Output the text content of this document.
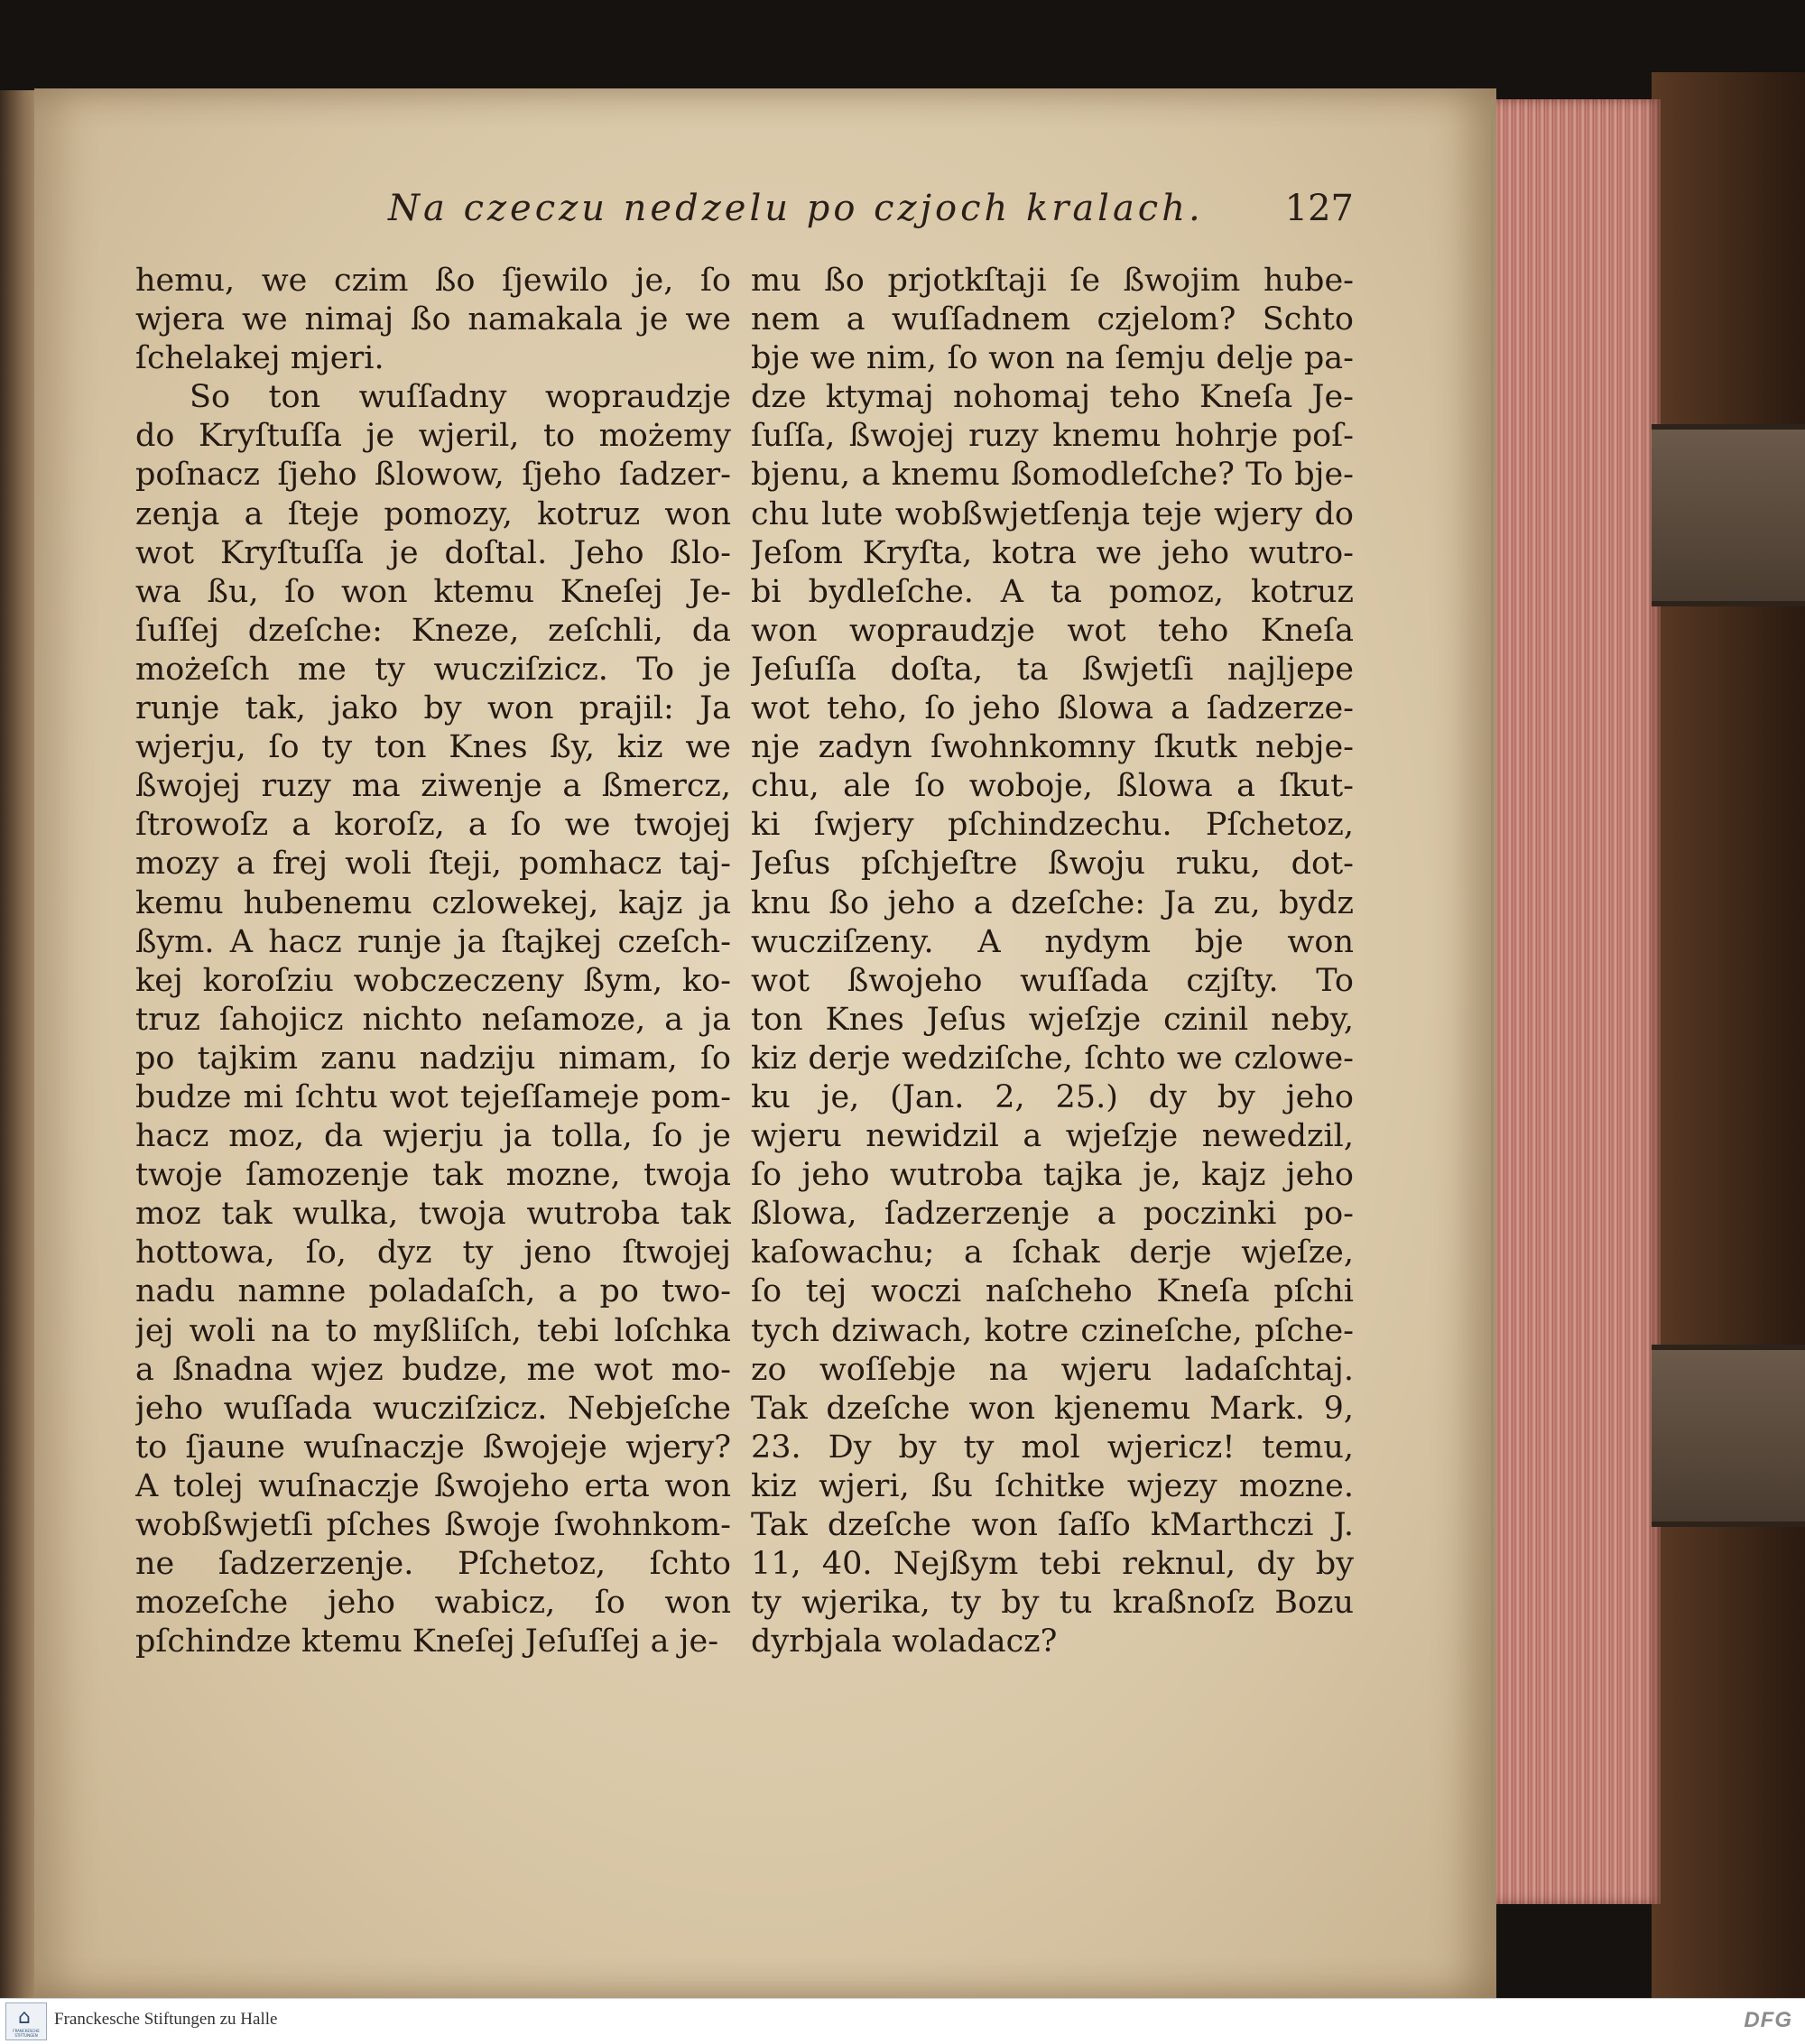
Na czeczu nedzelu po czjoch kralach. 127
hemu, we czim ßo ſjewilo je, ſo
wjera we nimaj ßo namakala je we
ſchelakej mjeri.
So ton wuſſadny wopraudzje
do Kryſtuſſa je wjeril, to możemy
poſnacz ſjeho ßlowow, ſjeho ſadzer-
zenja a ſteje pomozy, kotruz won
wot Kryſtuſſa je doſtal. Jeho ßlo-
wa ßu, ſo won ktemu Kneſej Je-
ſuſſej dzeſche: Kneze, zeſchli, da
możeſch me ty wucziſzicz. To je
runje tak, jako by won prajil: Ja
wjerju, ſo ty ton Knes ßy, kiz we
ßwojej ruzy ma ziwenje a ßmercz,
ſtrowoſz a koroſz, a ſo we twojej
mozy a frej woli ſteji, pomhacz taj-
kemu hubenemu czlowekej, kajz ja
ßym. A hacz runje ja ſtajkej czeſch-
kej koroſziu wobczeczeny ßym, ko-
truz ſahojicz nichto neſamoze, a ja
po tajkim zanu nadziju nimam, ſo
budze mi ſchtu wot tejeſſameje pom-
hacz moz, da wjerju ja tolla, ſo je
twoje ſamozenje tak mozne, twoja
moz tak wulka, twoja wutroba tak
hottowa, ſo, dyz ty jeno ſtwojej
nadu namne poladaſch, a po two-
jej woli na to myßliſch, tebi loſchka
a ßnadna wjez budze, me wot mo-
jeho wuſſada wucziſzicz. Nebjeſche
to ſjaune wuſnaczje ßwojeje wjery?
A tolej wuſnaczje ßwojeho erta won
wobßwjetſi pſches ßwoje ſwohnkom-
ne ſadzerzenje. Pſchetoz, ſchto
mozeſche jeho wabicz, ſo won
pſchindze ktemu Kneſej Jeſuſſej a je-
mu ßo prjotkſtaji ſe ßwojim hube-
nem a wuſſadnem czjelom? Schto
bje we nim, ſo won na ſemju delje pa-
dze ktymaj nohomaj teho Kneſa Je-
ſuſſa, ßwojej ruzy knemu hohrje poſ-
bjenu, a knemu ßomodleſche? To bje-
chu lute wobßwjetſenja teje wjery do
Jeſom Kryſta, kotra we jeho wutro-
bi bydleſche. A ta pomoz, kotruz
won wopraudzje wot teho Kneſa
Jeſuſſa doſta, ta ßwjetſi najljepe
wot teho, ſo jeho ßlowa a ſadzerze-
nje zadyn ſwohnkomny ſkutk nebje-
chu, ale ſo woboje, ßlowa a ſkut-
ki ſwjery pſchindzechu. Pſchetoz,
Jeſus pſchjeſtre ßwoju ruku, dot-
knu ßo jeho a dzeſche: Ja zu, bydz
wucziſzeny. A nydym bje won
wot ßwojeho wuſſada czjſty. To
ton Knes Jeſus wjeſzje czinil neby,
kiz derje wedziſche, ſchto we czlowe-
ku je, (Jan. 2, 25.) dy by jeho
wjeru newidzil a wjeſzje newedzil,
ſo jeho wutroba tajka je, kajz jeho
ßlowa, ſadzerzenje a poczinki po-
kaſowachu; a ſchak derje wjeſze,
ſo tej woczi naſcheho Kneſa pſchi
tych dziwach, kotre czineſche, pſche-
zo woſſebje na wjeru ladaſchtaj.
Tak dzeſche won kjenemu Mark. 9,
23. Dy by ty mol wjericz! temu,
kiz wjeri, ßu ſchitke wjezy mozne.
Tak dzeſche won ſaſſo kMarthczi J.
11, 40. Nejßym tebi reknul, dy by
ty wjerika, ty by tu kraßnoſz Bozu
dyrbjala woladacz?
⌂
FRANCKESCHE STIFTUNGEN
Franckesche Stiftungen zu Halle	DFG
